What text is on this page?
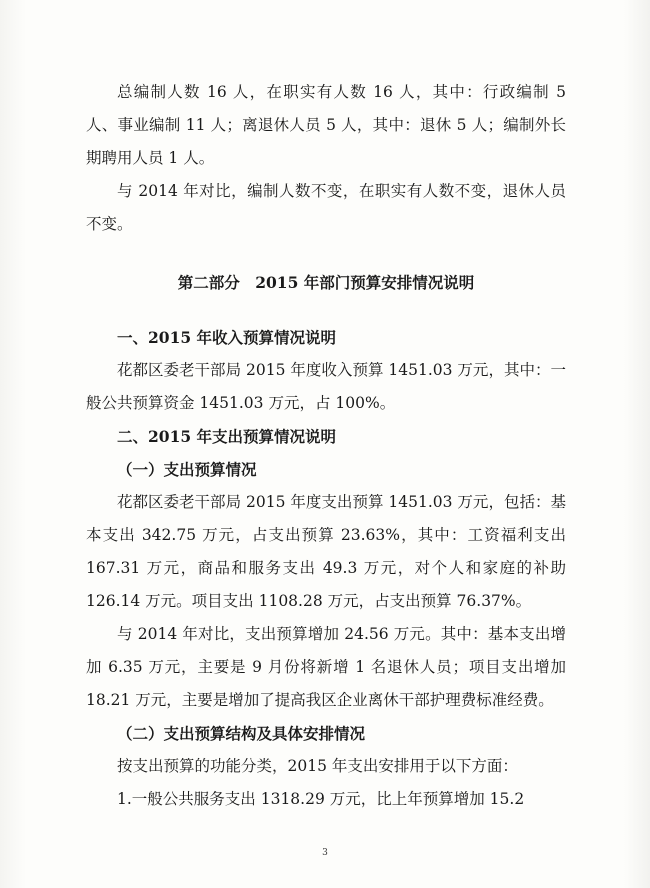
总编制人数 16 人，在职实有人数 16 人，其中：行政编制 5 人、事业编制 11 人；离退休人员 5 人，其中：退休 5 人；编制外长期聘用人员 1 人。

与 2014 年对比，编制人数不变，在职实有人数不变，退休人员不变。

第二部分　2015 年部门预算安排情况说明

一、2015 年收入预算情况说明

花都区委老干部局 2015 年度收入预算 1451.03 万元，其中：一般公共预算资金 1451.03 万元，占 100%。

二、2015 年支出预算情况说明

（一）支出预算情况

花都区委老干部局 2015 年度支出预算 1451.03 万元，包括：基本支出 342.75 万元，占支出预算 23.63%，其中：工资福利支出 167.31 万元，商品和服务支出 49.3 万元，对个人和家庭的补助 126.14 万元。项目支出 1108.28 万元，占支出预算 76.37%。

与 2014 年对比，支出预算增加 24.56 万元。其中：基本支出增加 6.35 万元，主要是 9 月份将新增 1 名退休人员；项目支出增加 18.21 万元，主要是增加了提高我区企业离休干部护理费标准经费。

（二）支出预算结构及具体安排情况

按支出预算的功能分类，2015 年支出安排用于以下方面：

1.一般公共服务支出 1318.29 万元，比上年预算增加 15.2

3
